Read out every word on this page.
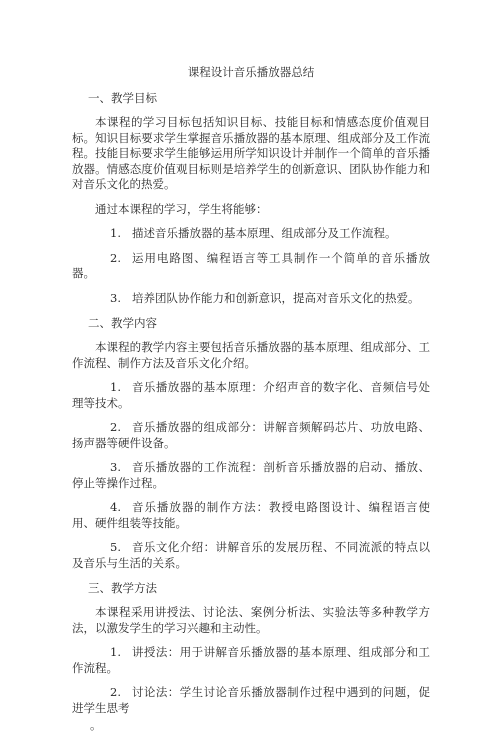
课程设计音乐播放器总结
一、教学目标
本课程的学习目标包括知识目标、技能目标和情感态度价值观目标。知识目标要求学生掌握音乐播放器的基本原理、组成部分及工作流程。技能目标要求学生能够运用所学知识设计并制作一个简单的音乐播放器。情感态度价值观目标则是培养学生的创新意识、团队协作能力和对音乐文化的热爱。
通过本课程的学习，学生将能够：
1. 描述音乐播放器的基本原理、组成部分及工作流程。
2. 运用电路图、编程语言等工具制作一个简单的音乐播放器。
3. 培养团队协作能力和创新意识，提高对音乐文化的热爱。
二、教学内容
本课程的教学内容主要包括音乐播放器的基本原理、组成部分、工作流程、制作方法及音乐文化介绍。
1. 音乐播放器的基本原理：介绍声音的数字化、音频信号处理等技术。
2. 音乐播放器的组成部分：讲解音频解码芯片、功放电路、扬声器等硬件设备。
3. 音乐播放器的工作流程：剖析音乐播放器的启动、播放、停止等操作过程。
4. 音乐播放器的制作方法：教授电路图设计、编程语言使用、硬件组装等技能。
5. 音乐文化介绍：讲解音乐的发展历程、不同流派的特点以及音乐与生活的关系。
三、教学方法
本课程采用讲授法、讨论法、案例分析法、实验法等多种教学方法，以激发学生的学习兴趣和主动性。
1. 讲授法：用于讲解音乐播放器的基本原理、组成部分和工作流程。
2. 讨论法：学生讨论音乐播放器制作过程中遇到的问题，促进学生思考
。
